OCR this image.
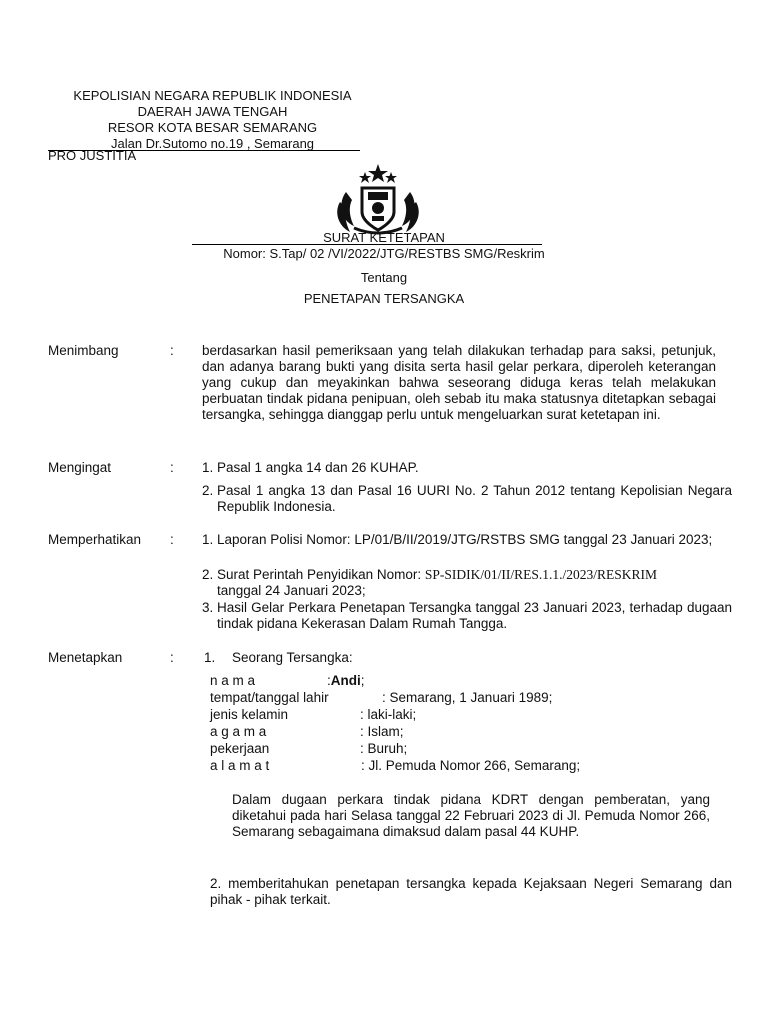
KEPOLISIAN NEGARA REPUBLIK INDONESIA
DAERAH JAWA TENGAH
RESOR KOTA BESAR SEMARANG
Jalan Dr.Sutomo no.19 , Semarang
PRO JUSTITIA
SURAT KETETAPAN
Nomor: S.Tap/ 02 /VI/2022/JTG/RESTBS SMG/Reskrim
Tentang
PENETAPAN TERSANGKA
Menimbang	: berdasarkan hasil pemeriksaan yang telah dilakukan terhadap para saksi, petunjuk, dan adanya barang bukti yang disita serta hasil gelar perkara, diperoleh keterangan yang cukup dan meyakinkan bahwa seseorang diduga keras telah melakukan perbuatan tindak pidana penipuan, oleh sebab itu maka statusnya ditetapkan sebagai tersangka, sehingga dianggap perlu untuk mengeluarkan surat ketetapan ini.
Mengingat	: 1. Pasal 1 angka 14 dan 26 KUHAP.
2. Pasal 1 angka 13 dan Pasal 16 UURI No. 2 Tahun 2012 tentang Kepolisian Negara Republik Indonesia.
Memperhatikan : 1. Laporan Polisi Nomor: LP/01/B/II/2019/JTG/RSTBS SMG tanggal 23 Januari 2023;
2. Surat Perintah Penyidikan Nomor: SP-SIDIK/01/II/RES.1.1./2023/RESKRIM
tanggal 24 Januari 2023;
3. Hasil Gelar Perkara Penetapan Tersangka tanggal 23 Januari 2023, terhadap dugaan tindak pidana Kekerasan Dalam Rumah Tangga.
Menetapkan	: 1. Seorang Tersangka:
n a m a	:Andi;
tempat/tanggal lahir	: Semarang, 1 Januari 1989;
jenis kelamin	: laki-laki;
a g a m a	: Islam;
pekerjaan	: Buruh;
a l a m a t	: Jl. Pemuda Nomor 266, Semarang;
Dalam dugaan perkara tindak pidana KDRT dengan pemberatan, yang diketahui pada hari Selasa tanggal 22 Februari 2023 di Jl. Pemuda Nomor 266, Semarang sebagaimana dimaksud dalam pasal 44 KUHP.
2. memberitahukan penetapan tersangka kepada Kejaksaan Negeri Semarang dan pihak - pihak terkait.
